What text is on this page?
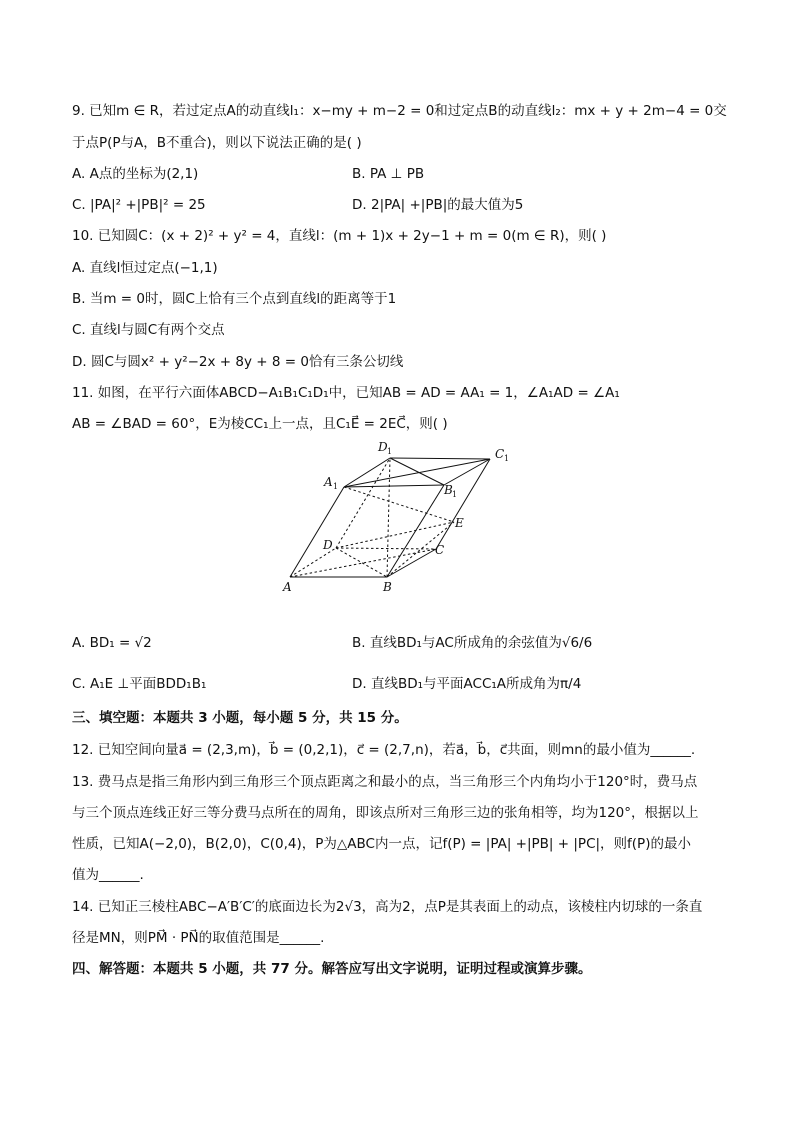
9. 已知m ∈ R，若过定点A的动直线l₁：x−my + m−2 = 0和过定点B的动直线l₂：mx + y + 2m−4 = 0交
于点P(P与A，B不重合)，则以下说法正确的是( )
A. A点的坐标为(2,1)	B. PA ⊥ PB
C. |PA|² +|PB|² = 25	D. 2|PA| +|PB|的最大值为5
10. 已知圆C：(x + 2)² + y² = 4，直线l：(m + 1)x + 2y−1 + m = 0(m ∈ R)，则( )
A. 直线l恒过定点(−1,1)
B. 当m = 0时，圆C上恰有三个点到直线l的距离等于1
C. 直线l与圆C有两个交点
D. 圆C与圆x² + y²−2x + 8y + 8 = 0恰有三条公切线
11. 如图，在平行六面体ABCD−A₁B₁C₁D₁中，已知AB = AD = AA₁ = 1，∠A₁AD = ∠A₁
AB = ∠BAD = 60°，E为棱CC₁上一点，且C₁E⃗ = 2EC⃗，则( )
A	B
C
D
E
A 1	B 1
C 1
D 1
A. BD₁ = √2	B. 直线BD₁与AC所成角的余弦值为√6/6
C. A₁E ⊥平面BDD₁B₁	D. 直线BD₁与平面ACC₁A所成角为π/4
三、填空题：本题共 3 小题，每小题 5 分，共 15 分。
12. 已知空间向量a⃗ = (2,3,m)，b⃗ = (0,2,1)，c⃗ = (2,7,n)，若a⃗，b⃗，c⃗共面，则mn的最小值为______.
13. 费马点是指三角形内到三角形三个顶点距离之和最小的点，当三角形三个内角均小于120°时，费马点
与三个顶点连线正好三等分费马点所在的周角，即该点所对三角形三边的张角相等，均为120°，根据以上
性质，已知A(−2,0)，B(2,0)，C(0,4)，P为△ABC内一点，记f(P) = |PA| +|PB| + |PC|，则f(P)的最小
值为______.
14. 已知正三棱柱ABC−A′B′C′的底面边长为2√3，高为2，点P是其表面上的动点，该棱柱内切球的一条直
径是MN，则PM⃗ · PN⃗的取值范围是______.
四、解答题：本题共 5 小题，共 77 分。解答应写出文字说明，证明过程或演算步骤。
